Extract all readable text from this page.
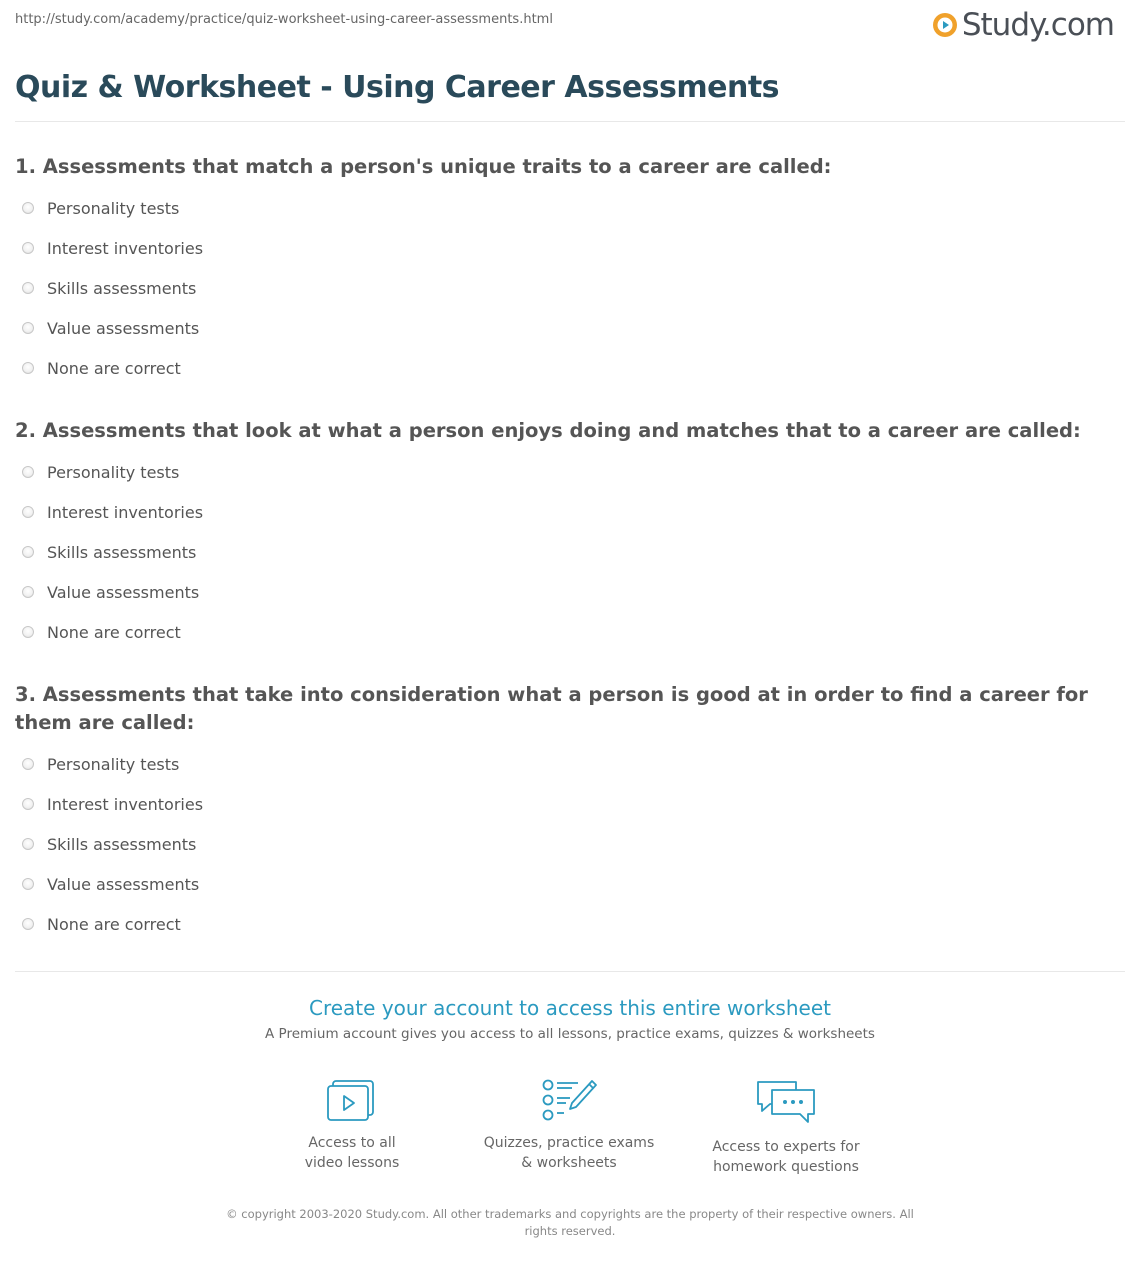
http://study.com/academy/practice/quiz-worksheet-using-career-assessments.html	Study.com
Quiz & Worksheet - Using Career Assessments
1. Assessments that match a person's unique traits to a career are called:
Personality tests
Interest inventories
Skills assessments
Value assessments
None are correct
2. Assessments that look at what a person enjoys doing and matches that to a career are called:
Personality tests
Interest inventories
Skills assessments
Value assessments
None are correct
3. Assessments that take into consideration what a person is good at in order to find a career for them are called:
Personality tests
Interest inventories
Skills assessments
Value assessments
None are correct
Create your account to access this entire worksheet
A Premium account gives you access to all lessons, practice exams, quizzes & worksheets
Access to all
video lessons
Quizzes, practice exams
& worksheets
Access to experts for
homework questions
© copyright 2003-2020 Study.com. All other trademarks and copyrights are the property of their respective owners. All rights reserved.
